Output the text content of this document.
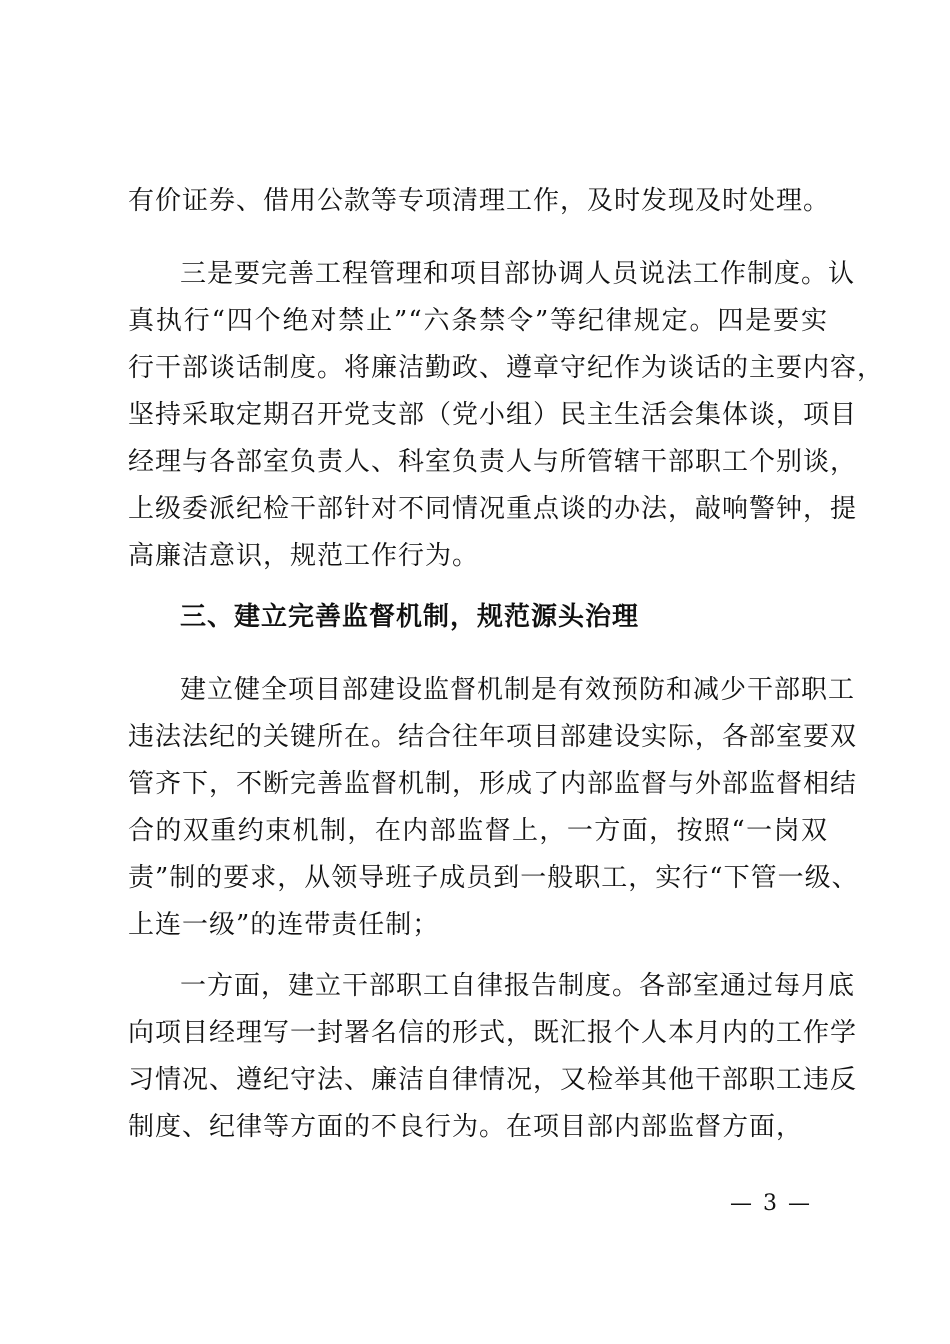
有价证券、借用公款等专项清理工作，及时发现及时处理。
三是要完善工程管理和项目部协调人员说法工作制度。认
真执行“四个绝对禁止”“六条禁令”等纪律规定。四是要实
行干部谈话制度。将廉洁勤政、遵章守纪作为谈话的主要内容，
坚持采取定期召开党支部（党小组）民主生活会集体谈，项目
经理与各部室负责人、科室负责人与所管辖干部职工个别谈，
上级委派纪检干部针对不同情况重点谈的办法，敲响警钟，提
高廉洁意识，规范工作行为。
三、建立完善监督机制，规范源头治理
建立健全项目部建设监督机制是有效预防和减少干部职工
违法法纪的关键所在。结合往年项目部建设实际，各部室要双
管齐下，不断完善监督机制，形成了内部监督与外部监督相结
合的双重约束机制，在内部监督上，一方面，按照“一岗双
责”制的要求，从领导班子成员到一般职工，实行“下管一级、
上连一级”的连带责任制；
一方面，建立干部职工自律报告制度。各部室通过每月底
向项目经理写一封署名信的形式，既汇报个人本月内的工作学
习情况、遵纪守法、廉洁自律情况，又检举其他干部职工违反
制度、纪律等方面的不良行为。在项目部内部监督方面，
— 3 —
